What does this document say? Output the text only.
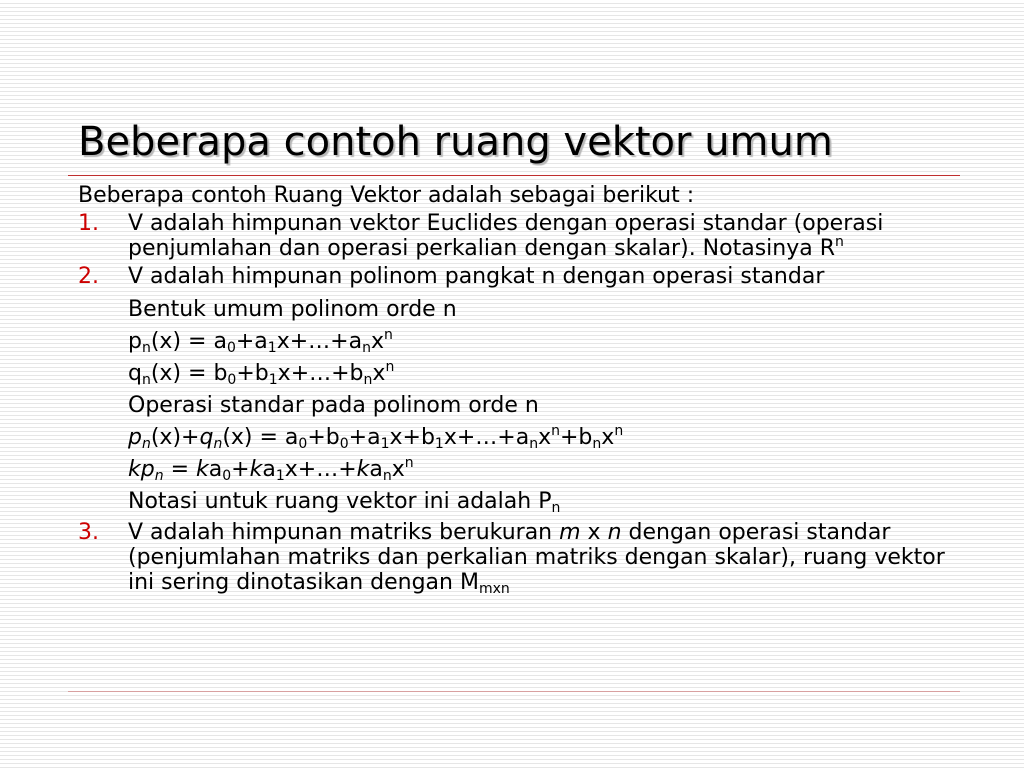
Beberapa contoh ruang vektor umum

Beberapa contoh Ruang Vektor adalah sebagai berikut :

1. V adalah himpunan vektor Euclides dengan operasi standar (operasi penjumlahan dan operasi perkalian dengan skalar). Notasinya $R^n$
2. V adalah himpunan polinom pangkat n dengan operasi standar

Bentuk umum polinom orde n

$p_n(x)$ = $a_0+a_1x+\dots+a_nx^n$

$q_n(x)$ = $b_0+b_1x+\dots+b_nx^n$

Operasi standar pada polinom orde n

$p_n(x)+q_n(x)$ = $a_0+b_0+a_1x+b_1x+\dots+a_nx^n+b_nx^n$

$kp_n$ = $ka_0+ka_1x+\dots+ka_nx^n$

Notasi untuk ruang vektor ini adalah $P_n$

3. V adalah himpunan matriks berukuran m x n dengan operasi standar (penjumlahan matriks dan perkalian matriks dengan skalar), ruang vektor ini sering dinotasikan dengan $M_{mxn}$
